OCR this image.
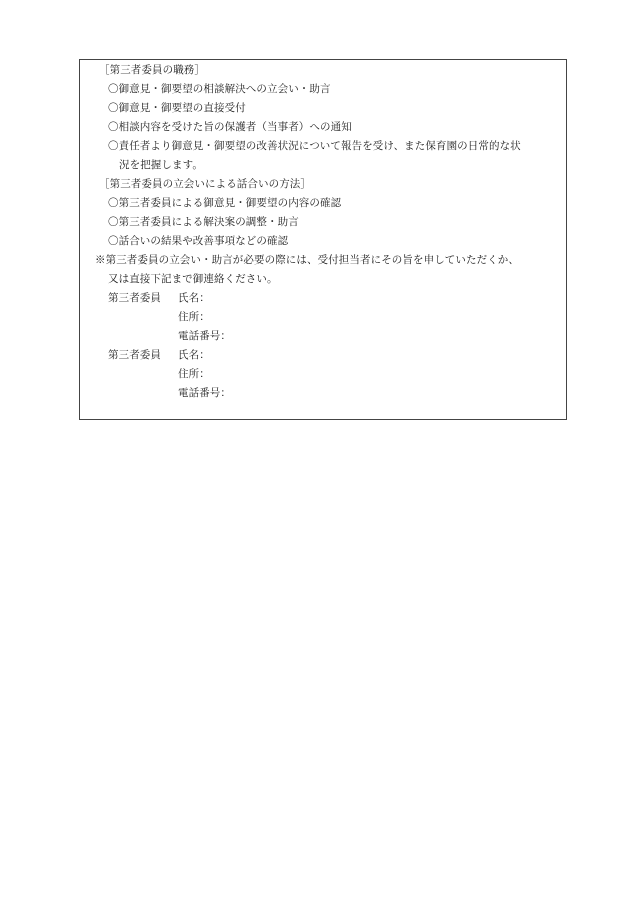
［第三者委員の職務］
〇御意見・御要望の相談解決への立会い・助言
〇御意見・御要望の直接受付
〇相談内容を受けた旨の保護者（当事者）への通知
〇責任者より御意見・御要望の改善状況について報告を受け、また保育園の日常的な状
況を把握します。
［第三者委員の立会いによる話合いの方法］
〇第三者委員による御意見・御要望の内容の確認
〇第三者委員による解決案の調整・助言
〇話合いの結果や改善事項などの確認
※第三者委員の立会い・助言が必要の際には、受付担当者にその旨を申していただくか、
又は直接下記まで御連絡ください。
第三者委員 氏名：
住所：
電話番号：
第三者委員 氏名：
住所：
電話番号：
